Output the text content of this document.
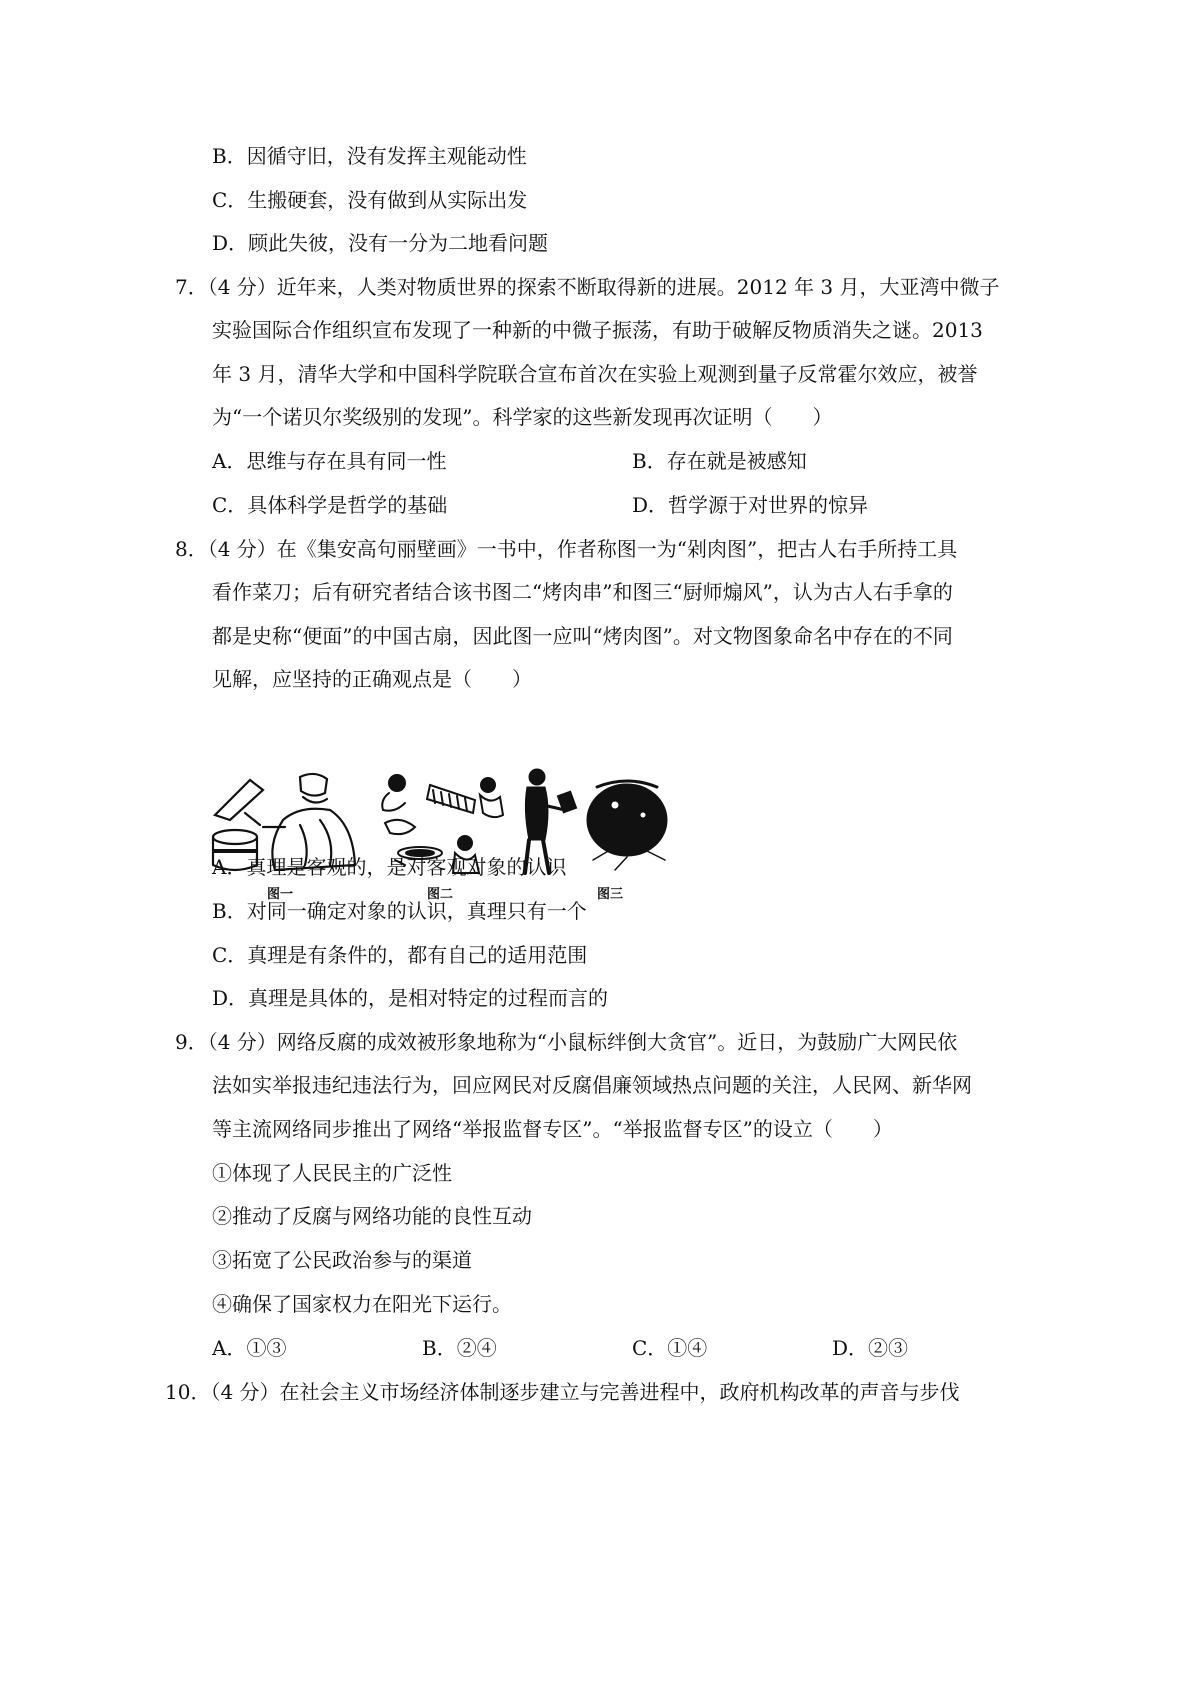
B．因循守旧，没有发挥主观能动性
C．生搬硬套，没有做到从实际出发
D．顾此失彼，没有一分为二地看问题
7．（4 分）近年来，人类对物质世界的探索不断取得新的进展。2012 年 3 月，大亚湾中微子
实验国际合作组织宣布发现了一种新的中微子振荡，有助于破解反物质消失之谜。2013
年 3 月，清华大学和中国科学院联合宣布首次在实验上观测到量子反常霍尔效应，被誉
为“一个诺贝尔奖级别的发现”。科学家的这些新发现再次证明（　　）
A．思维与存在具有同一性	B．存在就是被感知
C．具体科学是哲学的基础	D．哲学源于对世界的惊异
8．（4 分）在《集安高句丽壁画》一书中，作者称图一为“剁肉图”，把古人右手所持工具
看作菜刀；后有研究者结合该书图二“烤肉串”和图三“厨师煽风”，认为古人右手拿的
都是史称“便面”的中国古扇，因此图一应叫“烤肉图”。对文物图象命名中存在的不同
见解，应坚持的正确观点是（　　）
图一	图二	图三
A．真理是客观的，是对客观对象的认识
B．对同一确定对象的认识，真理只有一个
C．真理是有条件的，都有自己的适用范围
D．真理是具体的，是相对特定的过程而言的
9．（4 分）网络反腐的成效被形象地称为“小鼠标绊倒大贪官”。近日，为鼓励广大网民依
法如实举报违纪违法行为，回应网民对反腐倡廉领域热点问题的关注，人民网、新华网
等主流网络同步推出了网络“举报监督专区”。“举报监督专区”的设立（　　）
①体现了人民民主的广泛性
②推动了反腐与网络功能的良性互动
③拓宽了公民政治参与的渠道
④确保了国家权力在阳光下运行。
A．①③	B．②④	C．①④	D．②③
10．（4 分）在社会主义市场经济体制逐步建立与完善进程中，政府机构改革的声音与步伐
